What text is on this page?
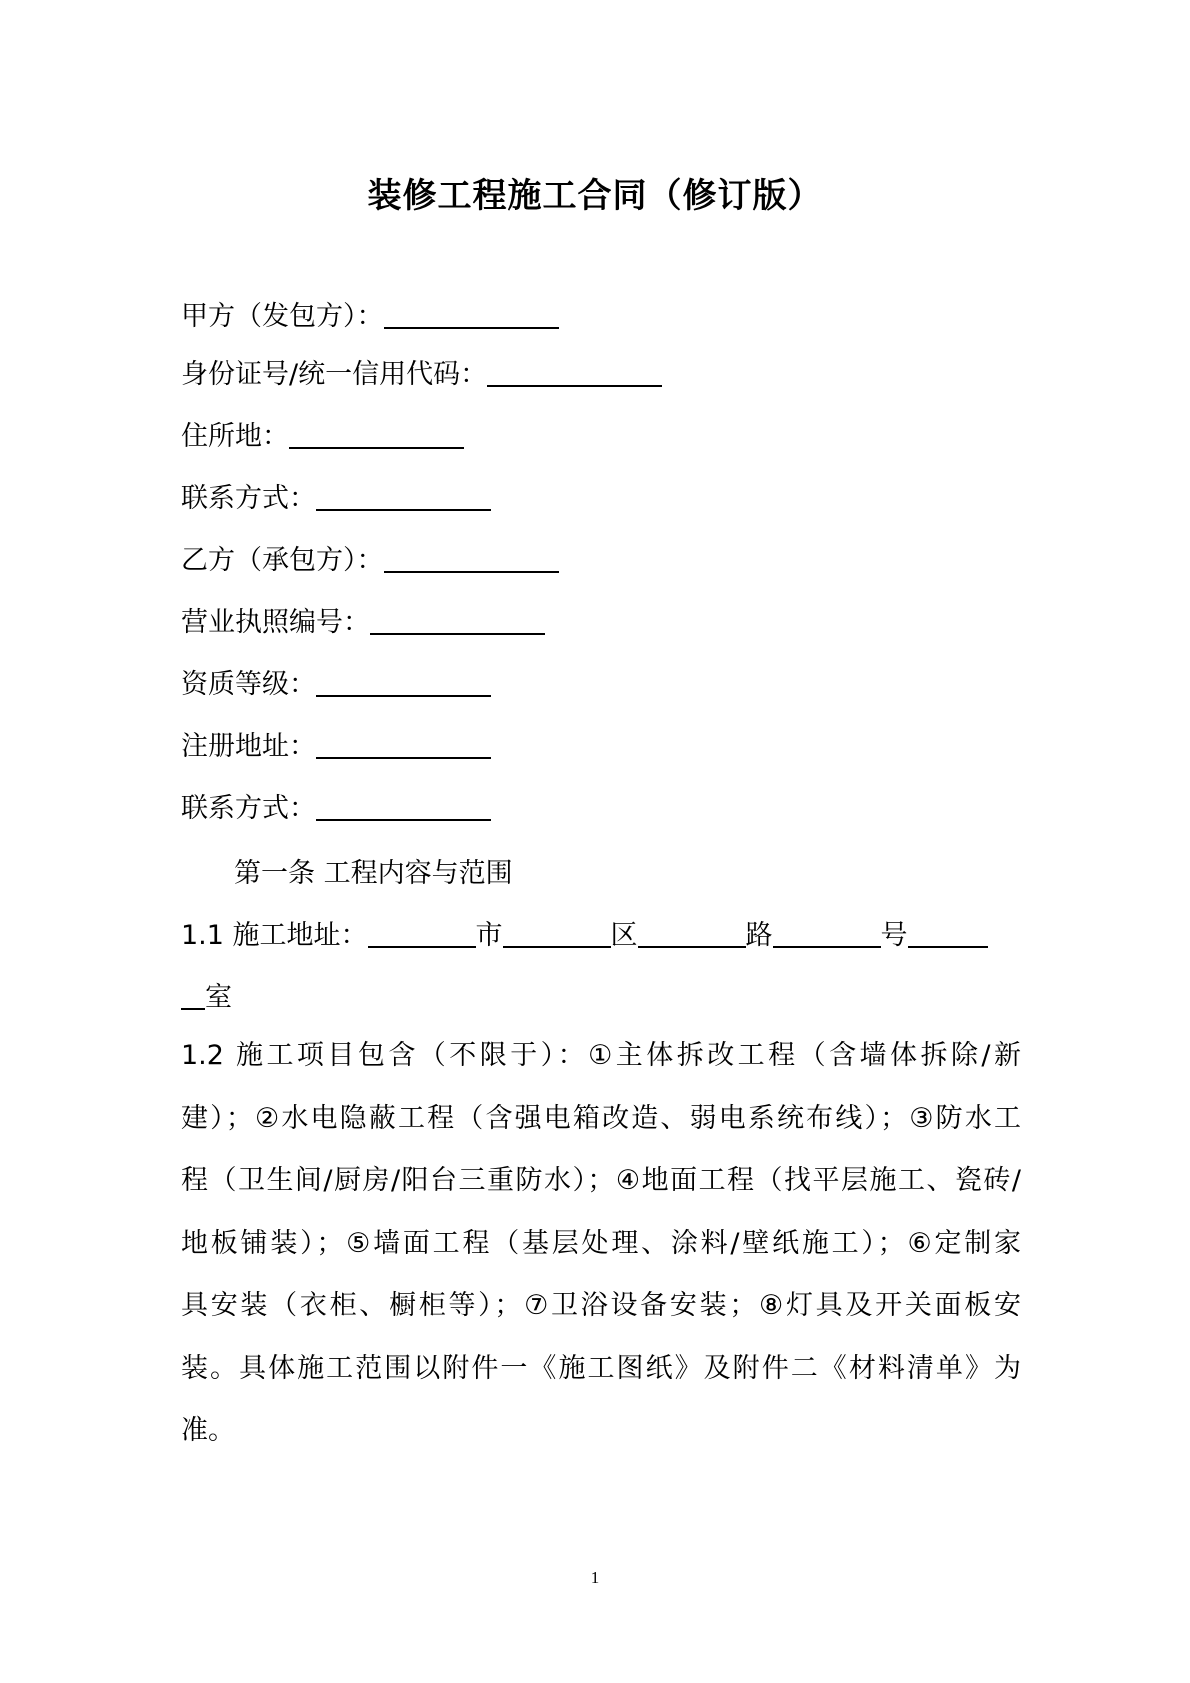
装修工程施工合同（修订版）
甲方（发包方）：
身份证号/统一信用代码：
住所地：
联系方式：
乙方（承包方）：
营业执照编号：
资质等级：
注册地址：
联系方式：
第一条 工程内容与范围
1.1 施工地址：	市	区	路	号
室
1.2 施工项目包含（不限于）：①主体拆改工程（含墙体拆除/新
建）；②水电隐蔽工程（含强电箱改造、弱电系统布线）；③防水工
程（卫生间/厨房/阳台三重防水）；④地面工程（找平层施工、瓷砖/
地板铺装）；⑤墙面工程（基层处理、涂料/壁纸施工）；⑥定制家
具安装（衣柜、橱柜等）；⑦卫浴设备安装；⑧灯具及开关面板安
装。具体施工范围以附件一《施工图纸》及附件二《材料清单》为
准。
1
